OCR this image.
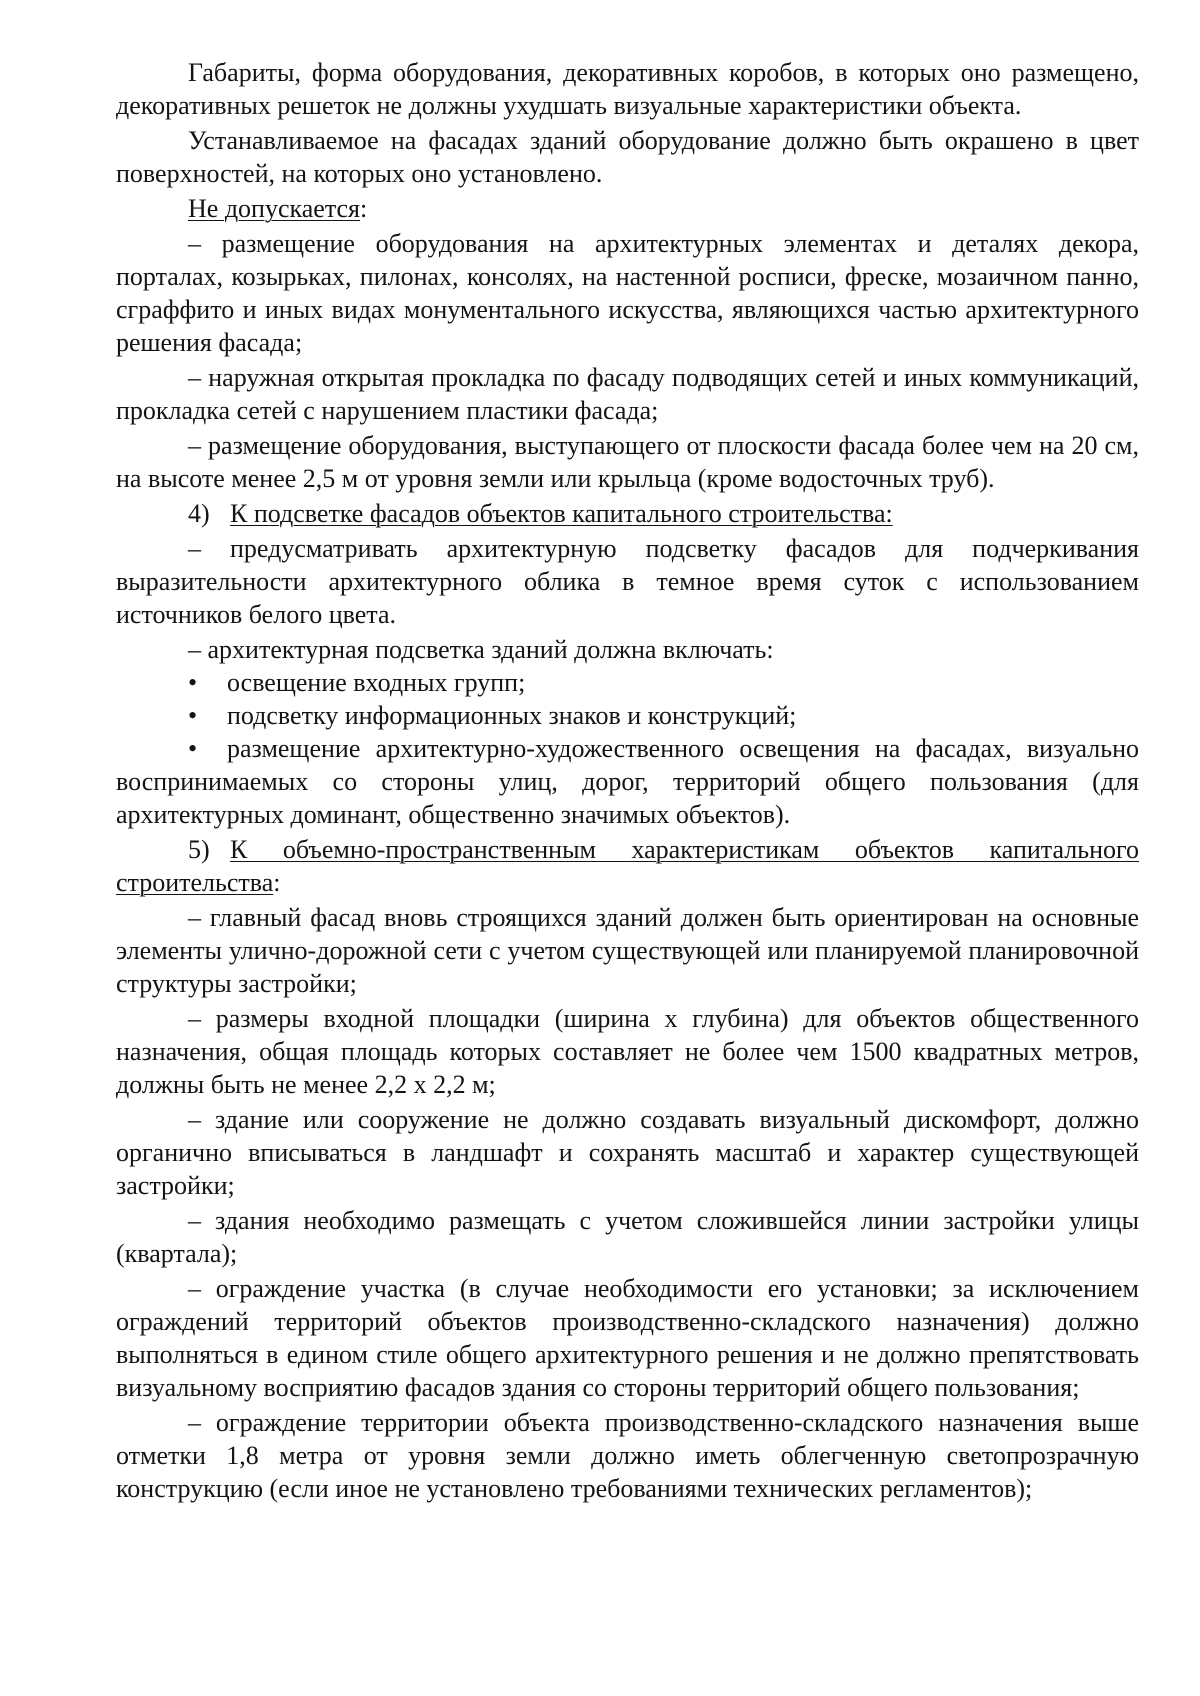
Габариты, форма оборудования, декоративных коробов, в которых оно размещено, декоративных решеток не должны ухудшать визуальные характеристики объекта.

Устанавливаемое на фасадах зданий оборудование должно быть окрашено в цвет поверхностей, на которых оно установлено.

Не допускается:

– размещение оборудования на архитектурных элементах и деталях декора, порталах, козырьках, пилонах, консолях, на настенной росписи, фреске, мозаичном панно, сграффито и иных видах монументального искусства, являющихся частью архитектурного решения фасада;

– наружная открытая прокладка по фасаду подводящих сетей и иных коммуникаций, прокладка сетей с нарушением пластики фасада;

– размещение оборудования, выступающего от плоскости фасада более чем на 20 см, на высоте менее 2,5 м от уровня земли или крыльца (кроме водосточных труб).

4) К подсветке фасадов объектов капитального строительства:

– предусматривать архитектурную подсветку фасадов для подчеркивания выразительности архитектурного облика в темное время суток с использованием источников белого цвета.

– архитектурная подсветка зданий должна включать:

• освещение входных групп;

• подсветку информационных знаков и конструкций;

• размещение архитектурно-художественного освещения на фасадах, визуально воспринимаемых со стороны улиц, дорог, территорий общего пользования (для архитектурных доминант, общественно значимых объектов).

5) К объемно-пространственным характеристикам объектов капитального строительства:

– главный фасад вновь строящихся зданий должен быть ориентирован на основные элементы улично-дорожной сети с учетом существующей или планируемой планировочной структуры застройки;

– размеры входной площадки (ширина х глубина) для объектов общественного назначения, общая площадь которых составляет не более чем 1500 квадратных метров, должны быть не менее 2,2 х 2,2 м;

– здание или сооружение не должно создавать визуальный дискомфорт, должно органично вписываться в ландшафт и сохранять масштаб и характер существующей застройки;

– здания необходимо размещать с учетом сложившейся линии застройки улицы (квартала);

– ограждение участка (в случае необходимости его установки; за исключением ограждений территорий объектов производственно-складского назначения) должно выполняться в едином стиле общего архитектурного решения и не должно препятствовать визуальному восприятию фасадов здания со стороны территорий общего пользования;

– ограждение территории объекта производственно-складского назначения выше отметки 1,8 метра от уровня земли должно иметь облегченную светопрозрачную конструкцию (если иное не установлено требованиями технических регламентов);
